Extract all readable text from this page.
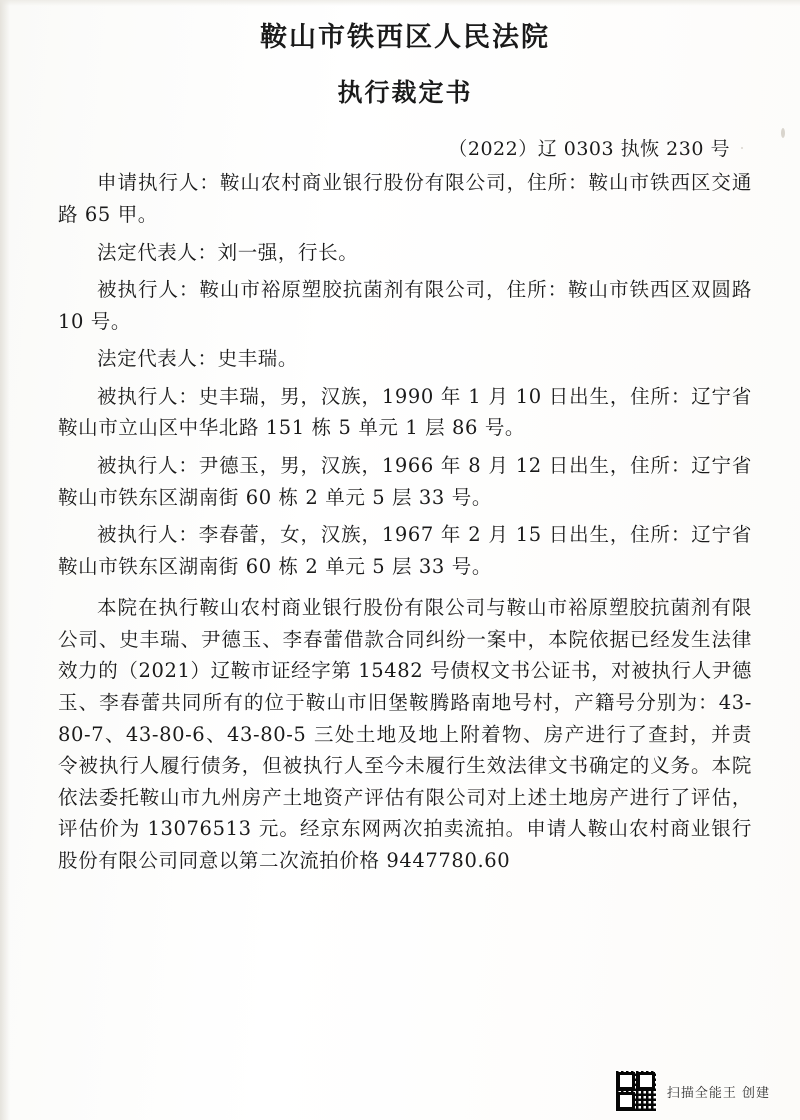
鞍山市铁西区人民法院
执行裁定书
（2022）辽 0303 执恢 230 号
申请执行人：鞍山农村商业银行股份有限公司，住所：鞍山市铁西区交通路 65 甲。
法定代表人：刘一强，行长。
被执行人：鞍山市裕原塑胶抗菌剂有限公司，住所：鞍山市铁西区双圆路 10 号。
法定代表人：史丰瑞。
被执行人：史丰瑞，男，汉族，1990 年 1 月 10 日出生，住所：辽宁省鞍山市立山区中华北路 151 栋 5 单元 1 层 86 号。
被执行人：尹德玉，男，汉族，1966 年 8 月 12 日出生，住所：辽宁省鞍山市铁东区湖南街 60 栋 2 单元 5 层 33 号。
被执行人：李春蕾，女，汉族，1967 年 2 月 15 日出生，住所：辽宁省鞍山市铁东区湖南街 60 栋 2 单元 5 层 33 号。
本院在执行鞍山农村商业银行股份有限公司与鞍山市裕原塑胶抗菌剂有限公司、史丰瑞、尹德玉、李春蕾借款合同纠纷一案中，本院依据已经发生法律效力的（2021）辽鞍市证经字第 15482 号债权文书公证书，对被执行人尹德玉、李春蕾共同所有的位于鞍山市旧堡鞍腾路南地号村，产籍号分别为：43-80-7、43-80-6、43-80-5 三处土地及地上附着物、房产进行了查封，并责令被执行人履行债务，但被执行人至今未履行生效法律文书确定的义务。本院依法委托鞍山市九州房产土地资产评估有限公司对上述土地房产进行了评估，评估价为 13076513 元。经京东网两次拍卖流拍。申请人鞍山农村商业银行股份有限公司同意以第二次流拍价格 9447780.60
扫描全能王 创建
